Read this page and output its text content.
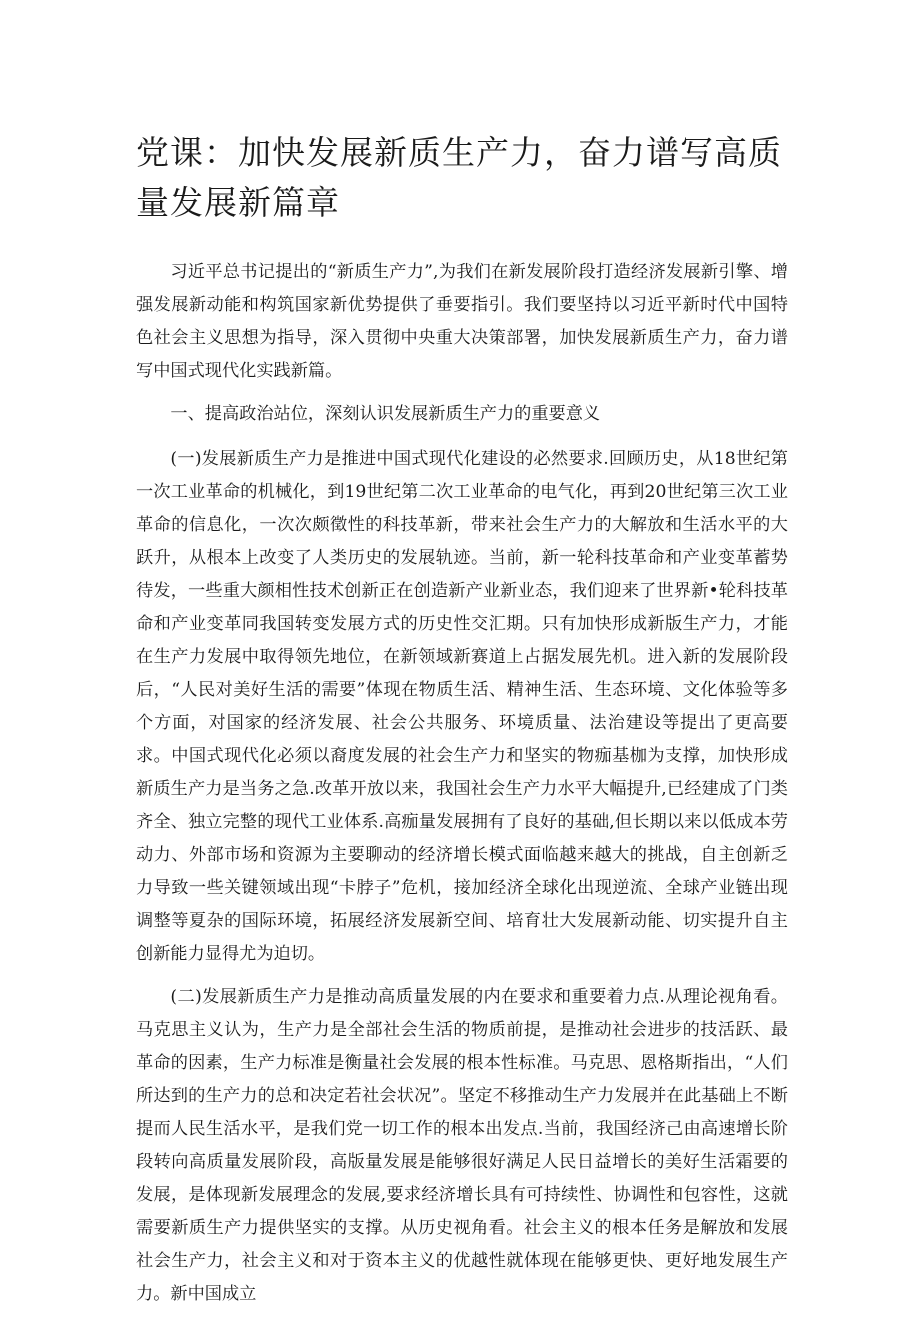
党课：加快发展新质生产力，奋力谱写高质量发展新篇章

习近平总书记提出的“新质生产力”,为我们在新发展阶段打造经济发展新引擎、增强发展新动能和构筑国家新优势提供了垂要指引。我们要坚持以习近平新时代中国特色社会主义思想为指导，深入贯彻中央重大决策部署，加快发展新质生产力，奋力谱写中国式现代化实践新篇。

一、提高政治站位，深刻认识发展新质生产力的重要意义

(一)发展新质生产力是推进中国式现代化建设的必然要求.回顾历史，从18世纪第一次工业革命的机械化，到19世纪第二次工业革命的电气化，再到20世纪第三次工业革命的信息化，一次次颇徵性的科技革新，带来社会生产力的大解放和生活水平的大跃升，从根本上改变了人类历史的发展轨迹。当前，新一轮科技革命和产业变革蓄势待发，一些重大颜相性技术创新正在创造新产业新业态，我们迎来了世界新•轮科技革命和产业变革同我国转变发展方式的历史性交汇期。只有加快形成新版生产力，才能在生产力发展中取得领先地位，在新领域新赛道上占据发展先机。进入新的发展阶段后，“人民对美好生活的需要”体现在物质生活、精神生活、生态环境、文化体验等多个方面，对国家的经济发展、社会公共服务、环境质量、法治建设等提出了更高要求。中国式现代化必须以裔度发展的社会生产力和坚实的物痂基枷为支撑，加快形成新质生产力是当务之急.改革开放以来，我国社会生产力水平大幅提升,已经建成了门类齐全、独立完整的现代工业体系.高痂量发展拥有了良好的基础,但长期以来以低成本劳动力、外部市场和资源为主要聊动的经济增长模式面临越来越大的挑战，自主创新乏力导致一些关键领域出现“卡脖子”危机，接加经济全球化出现逆流、全球产业链出现调整等夏杂的国际环境，拓展经济发展新空间、培育壮大发展新动能、切实提升自主创新能力显得尤为迫切。

(二)发展新质生产力是推动高质量发展的内在要求和重要着力点.从理论视角看。马克思主义认为，生产力是全部社会生活的物质前提，是推动社会进步的技活跃、最革命的因素，生产力标准是衡量社会发展的根本性标准。马克思、恩格斯指出，“人们所达到的生产力的总和决定若社会状况”。坚定不移推动生产力发展并在此基础上不断提而人民生活水平，是我们党一切工作的根本出发点.当前，我国经济己由高速增长阶段转向高质量发展阶段，高版量发展是能够很好满足人民日益增长的美好生活霜要的发展，是体现新发展理念的发展,要求经济增长具有可持续性、协调性和包容性，这就需要新质生产力提供坚实的支撑。从历史视角看。社会主义的根本任务是解放和发展社会生产力，社会主义和对于资本主义的优越性就体现在能够更快、更好地发展生产力。新中国成立
